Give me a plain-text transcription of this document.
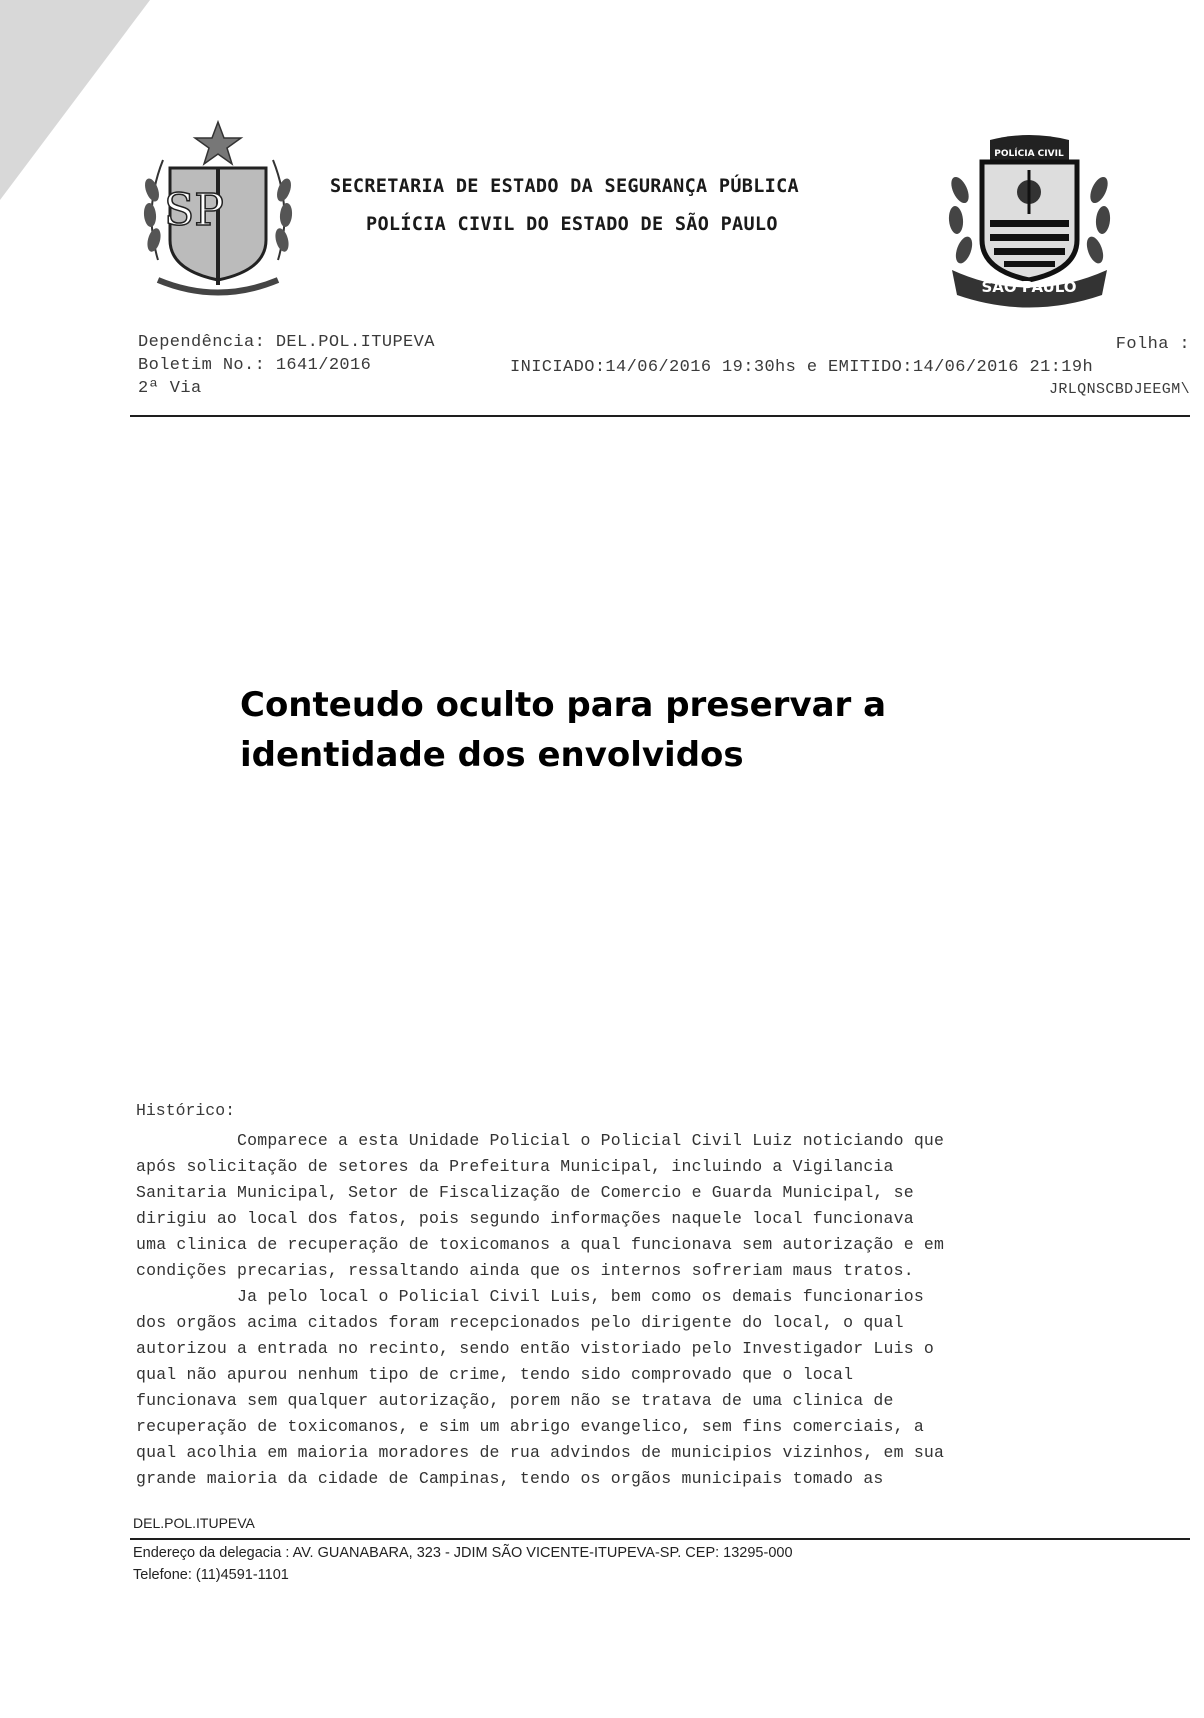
SP
SÃO PAULO
POLÍCIA CIVIL
SECRETARIA DE ESTADO DA SEGURANÇA PÚBLICA
POLÍCIA CIVIL DO ESTADO DE SÃO PAULO
Dependência: DEL.POL.ITUPEVA
Boletim No.: 1641/2016
2ª Via
Folha :
INICIADO:14/06/2016 19:30hs e EMITIDO:14/06/2016 21:19h
JRLQNSCBDJEEGM\
Conteudo oculto para preservar a
identidade dos envolvidos
Histórico:
Comparece a esta Unidade Policial o Policial Civil Luiz noticiando que
após solicitação de setores da Prefeitura Municipal, incluindo a Vigilancia
Sanitaria Municipal, Setor de Fiscalização de Comercio e Guarda Municipal, se
dirigiu ao local dos fatos, pois segundo informações naquele local funcionava
uma clinica de recuperação de toxicomanos a qual funcionava sem autorização e em
condições precarias, ressaltando ainda que os internos sofreriam maus tratos.
Ja pelo local o Policial Civil Luis, bem como os demais funcionarios
dos orgãos acima citados foram recepcionados pelo dirigente do local, o qual
autorizou a entrada no recinto, sendo então vistoriado pelo Investigador Luis o
qual não apurou nenhum tipo de crime, tendo sido comprovado que o local
funcionava sem qualquer autorização, porem não se tratava de uma clinica de
recuperação de toxicomanos, e sim um abrigo evangelico, sem fins comerciais, a
qual acolhia em maioria moradores de rua advindos de municipios vizinhos, em sua
grande maioria da cidade de Campinas, tendo os orgãos municipais tomado as
DEL.POL.ITUPEVA
Endereço da delegacia : AV. GUANABARA, 323 - JDIM SÃO VICENTE-ITUPEVA-SP. CEP: 13295-000
Telefone: (11)4591-1101
